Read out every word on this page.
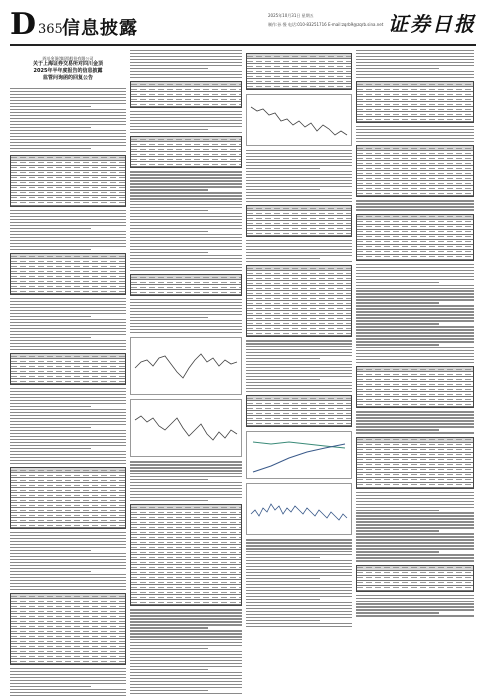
D 365 信息披露
2025年10月31日 星期五
制作:孙 慢 电话:010-83251716 E-mail:zqrb9@zqrb.sina.net 证券日报
四川金顶(集团)股份有限公司
关于上海证券交易所对四川金顶
2025年半年度报告的信息披露
监管问询函的回复公告
